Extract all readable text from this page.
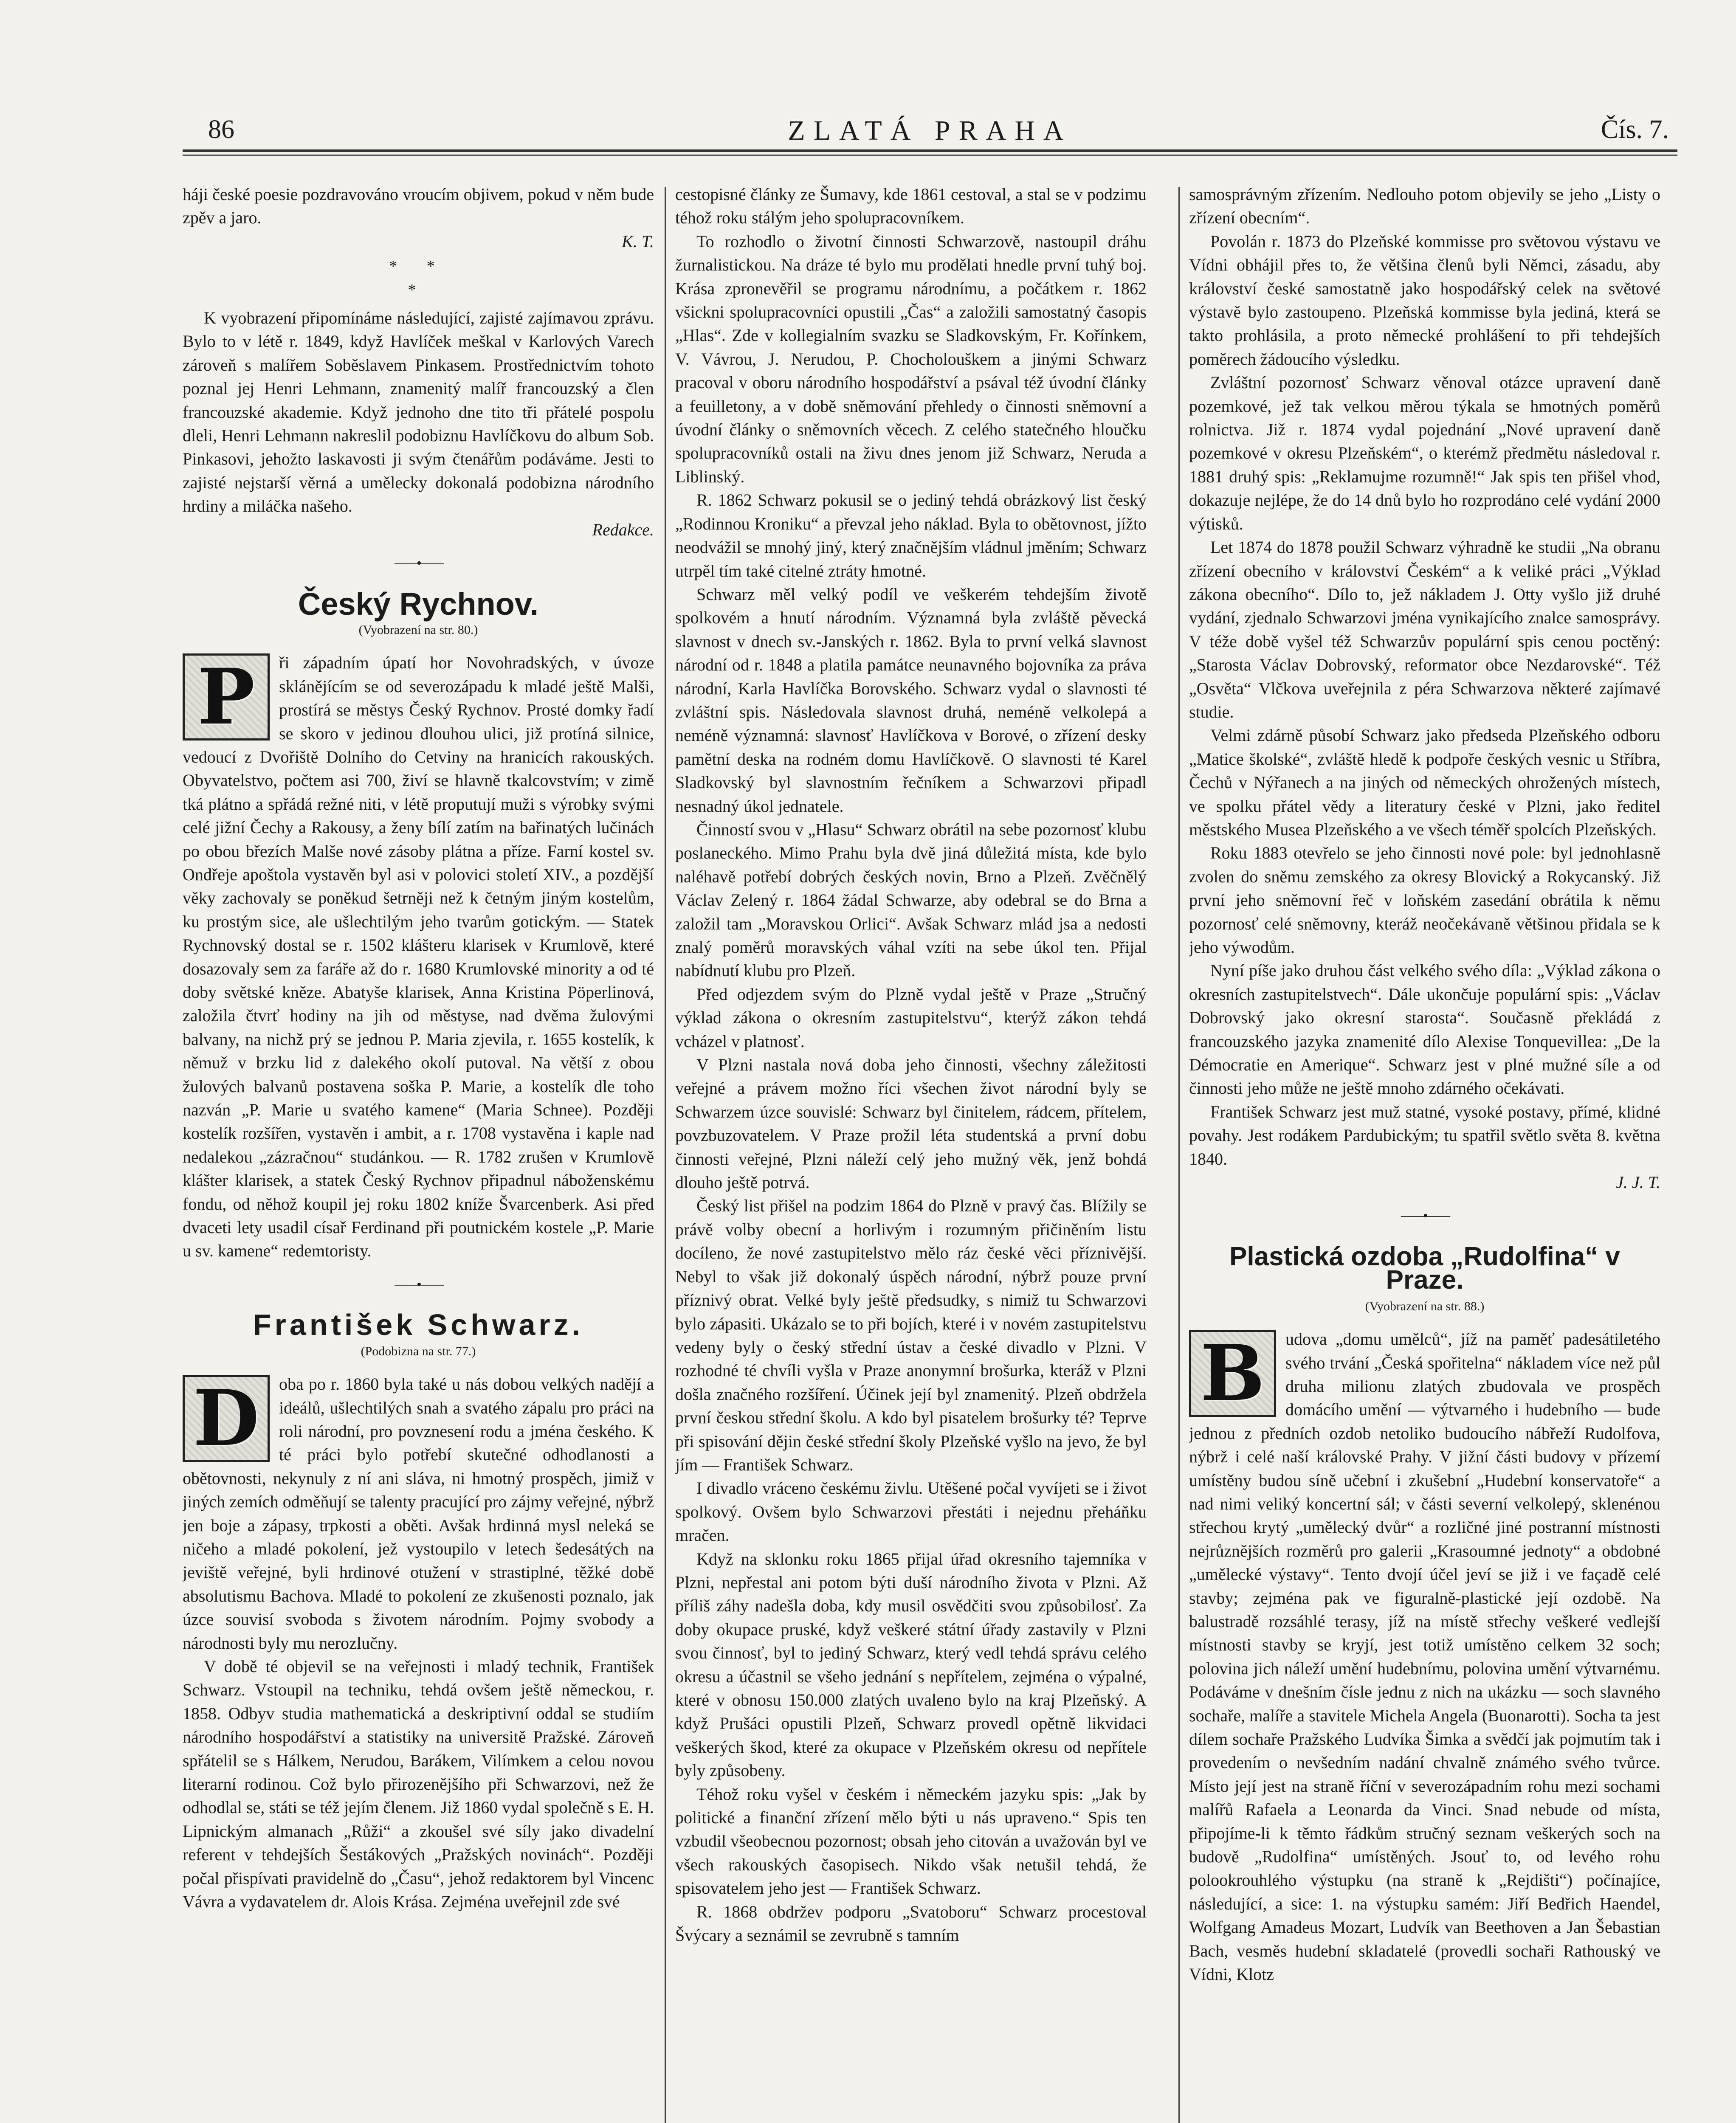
86	ZLATÁ PRAHA	Čís. 7.

háji české poesie pozdravováno vroucím objivem, pokud v něm bude zpěv a jaro.
K. T.

* *
*

K vyobrazení připomínáme následující, zajisté zajímavou zprávu. Bylo to v létě r. 1849, když Havlíček meškal v Karlových Varech zároveň s malířem Soběslavem Pinkasem. Prostřednictvím tohoto poznal jej Henri Lehmann, znamenitý malíř francouzský a člen francouzské akademie. Když jednoho dne tito tři přátelé pospolu dleli, Henri Lehmann nakreslil podobiznu Havlíčkovu do album Sob. Pinkasovi, jehožto laskavosti ji svým čtenářům podáváme. Jesti to zajisté nejstarší věrná a umělecky dokonalá podobizna národního hrdiny a miláčka našeho.
Redakce.

⸺•⸺
Český Rychnov.
(Vyobrazení na str. 80.)

P ři západním úpatí hor Novohradských, v úvoze sklánějícím se od severozápadu k mladé ještě Malši, prostírá se městys Český Rychnov. Prosté domky řadí se skoro v jedinou dlouhou ulici, již protíná silnice, vedoucí z Dvořiště Dolního do Cetviny na hranicích rakouských. Obyvatelstvo, počtem asi 700, živí se hlavně tkalcovstvím; v zimě tká plátno a spřádá režné niti, v létě proputují muži s výrobky svými celé jižní Čechy a Rakousy, a ženy bílí zatím na bařinatých lučinách po obou březích Malše nové zásoby plátna a příze. Farní kostel sv. Ondřeje apoštola vystavěn byl asi v polovici století XIV., a pozdější věky zachovaly se poněkud šetrněji než k četným jiným kostelům, ku prostým sice, ale ušlechtilým jeho tvarům gotickým. — Statek Rychnovský dostal se r. 1502 klášteru klarisek v Krumlově, které dosazovaly sem za faráře až do r. 1680 Krumlovské minority a od té doby světské kněze. Abatyše klarisek, Anna Kristina Pöperlinová, založila čtvrť hodiny na jih od městyse, nad dvěma žulovými balvany, na nichž prý se jednou P. Maria zjevila, r. 1655 kostelík, k němuž v brzku lid z dalekého okolí putoval. Na větší z obou žulových balvanů postavena soška P. Marie, a kostelík dle toho nazván „P. Marie u svatého kamene“ (Maria Schnee). Později kostelík rozšířen, vystavěn i ambit, a r. 1708 vystavěna i kaple nad nedalekou „zázračnou“ studánkou. — R. 1782 zrušen v Krumlově klášter klarisek, a statek Český Rychnov připadnul náboženskému fondu, od něhož koupil jej roku 1802 kníže Švarcenberk. Asi před dvaceti lety usadil císař Ferdinand při poutnickém kostele „P. Marie u sv. kamene“ redemtoristy.

⸺•⸺
František Schwarz.
(Podobizna na str. 77.)

D oba po r. 1860 byla také u nás dobou velkých nadějí a ideálů, ušlechtilých snah a svatého zápalu pro práci na roli národní, pro povznesení rodu a jména českého. K té práci bylo potřebí skutečné odhodlanosti a obětovnosti, nekynuly z ní ani sláva, ni hmotný prospěch, jimiž v jiných zemích odměňují se talenty pracující pro zájmy veřejné, nýbrž jen boje a zápasy, trpkosti a oběti. Avšak hrdinná mysl neleká se ničeho a mladé pokolení, jež vystoupilo v letech šedesátých na jeviště veřejné, byli hrdinové otužení v strastiplné, těžké době absolutismu Bachova. Mladé to pokolení ze zkušenosti poznalo, jak úzce souvisí svoboda s životem národním. Pojmy svobody a národnosti byly mu nerozlučny.

V době té objevil se na veřejnosti i mladý technik, František Schwarz. Vstoupil na techniku, tehdá ovšem ještě německou, r. 1858. Odbyv studia mathematická a deskriptivní oddal se studiím národního hospodářství a statistiky na universitě Pražské. Zároveň spřátelil se s Hálkem, Nerudou, Barákem, Vilímkem a celou novou literarní rodinou. Což bylo přirozenějšího při Schwarzovi, než že odhodlal se, státi se též jejím členem. Již 1860 vydal společně s E. H. Lipnickým almanach „Růži“ a zkoušel své síly jako divadelní referent v tehdejších Šestákových „Pražských novinách“. Později počal přispívati pravidelně do „Času“, jehož redaktorem byl Vincenc Vávra a vydavatelem dr. Alois Krása. Zejména uveřejnil zde své

cestopisné články ze Šumavy, kde 1861 cestoval, a stal se v podzimu téhož roku stálým jeho spolupracovníkem.

To rozhodlo o životní činnosti Schwarzově, nastoupil dráhu žurnalistickou. Na dráze té bylo mu prodělati hnedle první tuhý boj. Krása zpronevěřil se programu národnímu, a počátkem r. 1862 všickni spolupracovníci opustili „Čas“ a založili samostatný časopis „Hlas“. Zde v kollegialním svazku se Sladkovským, Fr. Kořínkem, V. Vávrou, J. Nerudou, P. Chocholouškem a jinými Schwarz pracoval v oboru národního hospodářství a psával též úvodní články a feuilletony, a v době sněmování přehledy o činnosti sněmovní a úvodní články o sněmovních věcech. Z celého statečného hloučku spolupracovníků ostali na živu dnes jenom již Schwarz, Neruda a Liblinský.

R. 1862 Schwarz pokusil se o jediný tehdá obrázkový list český „Rodinnou Kroniku“ a převzal jeho náklad. Byla to obětovnost, jížto neodvážil se mnohý jiný, který značnějším vládnul jměním; Schwarz utrpěl tím také citelné ztráty hmotné.

Schwarz měl velký podíl ve veškerém tehdejším životě spolkovém a hnutí národním. Významná byla zvláště pěvecká slavnost v dnech sv.-Janských r. 1862. Byla to první velká slavnost národní od r. 1848 a platila památce neunavného bojovníka za práva národní, Karla Havlíčka Borovského. Schwarz vydal o slavnosti té zvláštní spis. Následovala slavnost druhá, neméně velkolepá a neméně významná: slavnosť Havlíčkova v Borové, o zřízení desky pamětní deska na rodném domu Havlíčkově. O slavnosti té Karel Sladkovský byl slavnostním řečníkem a Schwarzovi připadl nesnadný úkol jednatele.

Činností svou v „Hlasu“ Schwarz obrátil na sebe pozornosť klubu poslaneckého. Mimo Prahu byla dvě jiná důležitá místa, kde bylo naléhavě potřebí dobrých českých novin, Brno a Plzeň. Zvěčnělý Václav Zelený r. 1864 žádal Schwarze, aby odebral se do Brna a založil tam „Moravskou Orlici“. Avšak Schwarz mlád jsa a nedosti znalý poměrů moravských váhal vzíti na sebe úkol ten. Přijal nabídnutí klubu pro Plzeň.

Před odjezdem svým do Plzně vydal ještě v Praze „Stručný výklad zákona o okresním zastupitelstvu“, kterýž zákon tehdá vcházel v platnosť.

V Plzni nastala nová doba jeho činnosti, všechny záležitosti veřejné a právem možno říci všechen život národní byly se Schwarzem úzce souvislé: Schwarz byl činitelem, rádcem, přítelem, povzbuzovatelem. V Praze prožil léta studentská a první dobu činnosti veřejné, Plzni náleží celý jeho mužný věk, jenž bohdá dlouho ještě potrvá.

Český list přišel na podzim 1864 do Plzně v pravý čas. Blížily se právě volby obecní a horlivým i rozumným přičiněním listu docíleno, že nové zastupitelstvo mělo ráz české věci příznivější. Nebyl to však již dokonalý úspěch národní, nýbrž pouze první příznivý obrat. Velké byly ještě předsudky, s nimiž tu Schwarzovi bylo zápasiti. Ukázalo se to při bojích, které i v novém zastupitelstvu vedeny byly o český střední ústav a české divadlo v Plzni. V rozhodné té chvíli vyšla v Praze anonymní brošurka, kteráž v Plzni došla značného rozšíření. Účinek její byl znamenitý. Plzeň obdržela první českou střední školu. A kdo byl pisatelem brošurky té? Teprve při spisování dějin české střední školy Plzeňské vyšlo na jevo, že byl jím — František Schwarz.

I divadlo vráceno českému živlu. Utěšené počal vyvíjeti se i život spolkový. Ovšem bylo Schwarzovi přestáti i nejednu přeháňku mračen.

Když na sklonku roku 1865 přijal úřad okresního tajemníka v Plzni, nepřestal ani potom býti duší národního života v Plzni. Až příliš záhy nadešla doba, kdy musil osvědčiti svou způsobilosť. Za doby okupace pruské, když veškeré státní úřady zastavily v Plzni svou činnosť, byl to jediný Schwarz, který vedl tehdá správu celého okresu a účastnil se všeho jednání s nepřítelem, zejména o výpalné, které v obnosu 150.000 zlatých uvaleno bylo na kraj Plzeňský. A když Prušáci opustili Plzeň, Schwarz provedl opětně likvidaci veškerých škod, které za okupace v Plzeňském okresu od nepřítele byly způsobeny.

Téhož roku vyšel v českém i německém jazyku spis: „Jak by politické a finanční zřízení mělo býti u nás upraveno.“ Spis ten vzbudil všeobecnou pozornost; obsah jeho citován a uvažován byl ve všech rakouských časopisech. Nikdo však netušil tehdá, že spisovatelem jeho jest — František Schwarz.

R. 1868 obdržev podporu „Svatoboru“ Schwarz procestoval Švýcary a seznámil se zevrubně s tamním

samosprávným zřízením. Nedlouho potom objevily se jeho „Listy o zřízení obecním“.

Povolán r. 1873 do Plzeňské kommisse pro světovou výstavu ve Vídni obhájil přes to, že většina členů byli Němci, zásadu, aby království české samostatně jako hospodářský celek na světové výstavě bylo zastoupeno. Plzeňská kommisse byla jediná, která se takto prohlásila, a proto německé prohlášení to při tehdejších poměrech žádoucího výsledku.

Zvláštní pozornosť Schwarz věnoval otázce upravení daně pozemkové, jež tak velkou měrou týkala se hmotných poměrů rolnictva. Již r. 1874 vydal pojednání „Nové upravení daně pozemkové v okresu Plzeňském“, o kterémž předmětu následoval r. 1881 druhý spis: „Reklamujme rozumně!“ Jak spis ten přišel vhod, dokazuje nejlépe, že do 14 dnů bylo ho rozprodáno celé vydání 2000 výtisků.

Let 1874 do 1878 použil Schwarz výhradně ke studii „Na obranu zřízení obecního v království Českém“ a k veliké práci „Výklad zákona obecního“. Dílo to, jež nákladem J. Otty vyšlo již druhé vydání, zjednalo Schwarzovi jména vynikajícího znalce samosprávy. V téže době vyšel též Schwarzův populární spis cenou poctěný: „Starosta Václav Dobrovský, reformator obce Nezdarovské“. Též „Osvěta“ Vlčkova uveřejnila z péra Schwarzova některé zajímavé studie.

Velmi zdárně působí Schwarz jako předseda Plzeňského odboru „Matice školské“, zvláště hledě k podpoře českých vesnic u Stříbra, Čechů v Nýřanech a na jiných od německých ohrožených místech, ve spolku přátel vědy a literatury české v Plzni, jako ředitel městského Musea Plzeňského a ve všech téměř spolcích Plzeňských.

Roku 1883 otevřelo se jeho činnosti nové pole: byl jednohlasně zvolen do sněmu zemského za okresy Blovický a Rokycanský. Již první jeho sněmovní řeč v loňském zasedání obrátila k němu pozornosť celé sněmovny, kteráž neočekávaně většinou přidala se k jeho výwodům.

Nyní píše jako druhou část velkého svého díla: „Výklad zákona o okresních zastupitelstvech“. Dále ukončuje populární spis: „Václav Dobrovský jako okresní starosta“. Současně překládá z francouzského jazyka znamenité dílo Alexise Tonquevillea: „De la Démocratie en Amerique“. Schwarz jest v plné mužné síle a od činnosti jeho může ne ještě mnoho zdárného očekávati.

František Schwarz jest muž statné, vysoké postavy, přímé, klidné povahy. Jest rodákem Pardubickým; tu spatřil světlo světa 8. května 1840.
J. J. T.

⸺•⸺
Plastická ozdoba „Rudolfina“ v Praze.
(Vyobrazení na str. 88.)

B udova „domu umělců“, jíž na paměť padesátiletého svého trvání „Česká spořitelna“ nákladem více než půl druha milionu zlatých zbudovala ve prospěch domácího umění — výtvarného i hudebního — bude jednou z předních ozdob netoliko budoucího nábřeží Rudolfova, nýbrž i celé naší královské Prahy. V jižní části budovy v přízemí umístěny budou síně učební i zkušební „Hudební konservatoře“ a nad nimi veliký koncertní sál; v části severní velkolepý, sklenénou střechou krytý „umělecký dvůr“ a rozličné jiné postranní místnosti nejrůznějších rozměrů pro galerii „Krasoumné jednoty“ a obdobné „umělecké výstavy“. Tento dvojí účel jeví se již i ve façadě celé stavby; zejména pak ve figuralně-plastické její ozdobě. Na balustradě rozsáhlé terasy, jíž na místě střechy veškeré vedlejší místnosti stavby se kryjí, jest totiž umístěno celkem 32 soch; polovina jich náleží umění hudebnímu, polovina umění výtvarnému. Podáváme v dnešním čísle jednu z nich na ukázku — soch slavného sochaře, malíře a stavitele Michela Angela (Buonarotti). Socha ta jest dílem sochaře Pražského Ludvíka Šimka a svědčí jak pojmutím tak i provedením o nevšedním nadání chvalně známého svého tvůrce. Místo její jest na straně říční v severozápadním rohu mezi sochami malířů Rafaela a Leonarda da Vinci. Snad nebude od místa, připojíme-li k těmto řádkům stručný seznam veškerých soch na budově „Rudolfina“ umístěných. Jsouť to, od levého rohu polookrouhlého výstupku (na straně k „Rejdišti“) počínajíce, následující, a sice: 1. na výstupku samém: Jiří Bedřich Haendel, Wolfgang Amadeus Mozart, Ludvík van Beethoven a Jan Šebastian Bach, vesměs hudební skladatelé (provedli sochaři Rathouský ve Vídni, Klotz
